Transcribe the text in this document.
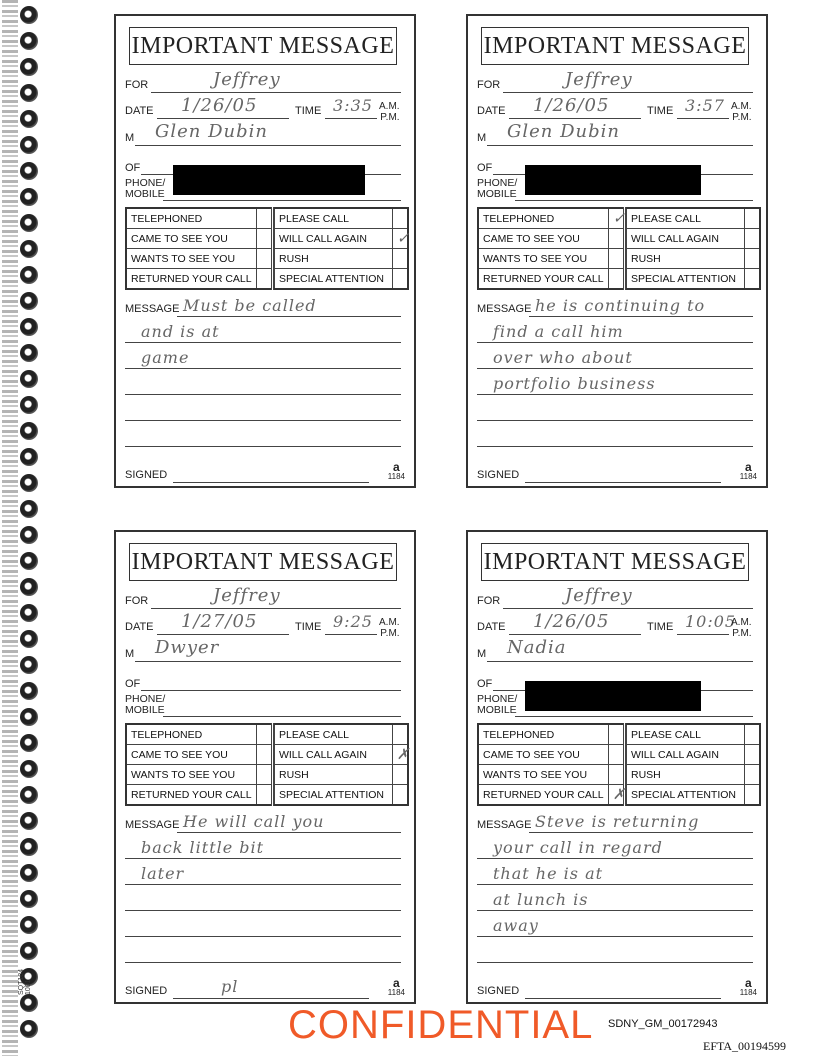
SQT184 1001
IMPORTANT MESSAGE
FOR	Jeffrey
DATE 1/26/05	TIME 3:35 A.M.
P.M.
M Glen Dubin
OF
PHONE/
MOBILE
TELEPHONED			PLEASE CALL	
CAME TO SEE YOU			WILL CALL AGAIN	✓

WANTS TO SEE YOU			RUSH	
RETURNED YOUR CALL			SPECIAL ATTENTION	
MESSAGE Must be called
and is at
game
SIGNED
a
1184
IMPORTANT MESSAGE
FOR	Jeffrey
DATE 1/26/05	TIME 3:57 A.M.
P.M.
M Glen Dubin
OF
PHONE/
MOBILE
TELEPHONED	✓		PLEASE CALL	
CAME TO SEE YOU			WILL CALL AGAIN	
WANTS TO SEE YOU			RUSH	
RETURNED YOUR CALL			SPECIAL ATTENTION	
MESSAGE he is continuing to
find a call him
over who about
portfolio business
SIGNED
a
1184
IMPORTANT MESSAGE
FOR	Jeffrey
DATE 1/27/05	TIME 9:25 A.M.
P.M.
M Dwyer
OF
PHONE/
MOBILE
TELEPHONED			PLEASE CALL	
CAME TO SEE YOU			WILL CALL AGAIN	✗

WANTS TO SEE YOU			RUSH	
RETURNED YOUR CALL			SPECIAL ATTENTION	
MESSAGE He will call you
back little bit
later
SIGNED	pl	a
1184
IMPORTANT MESSAGE
FOR	Jeffrey
DATE 1/26/05	TIME 10:05
A.M.
P.M.
M Nadia
OF
PHONE/
MOBILE
TELEPHONED			PLEASE CALL	
CAME TO SEE YOU			WILL CALL AGAIN	
WANTS TO SEE YOU			RUSH	
RETURNED YOUR CALL	✗		SPECIAL ATTENTION	
MESSAGE Steve is returning
your call in regard
that he is at
at lunch is
away
SIGNED
a
1184
CONFIDENTIAL SDNY_GM_00172943
EFTA_00194599
